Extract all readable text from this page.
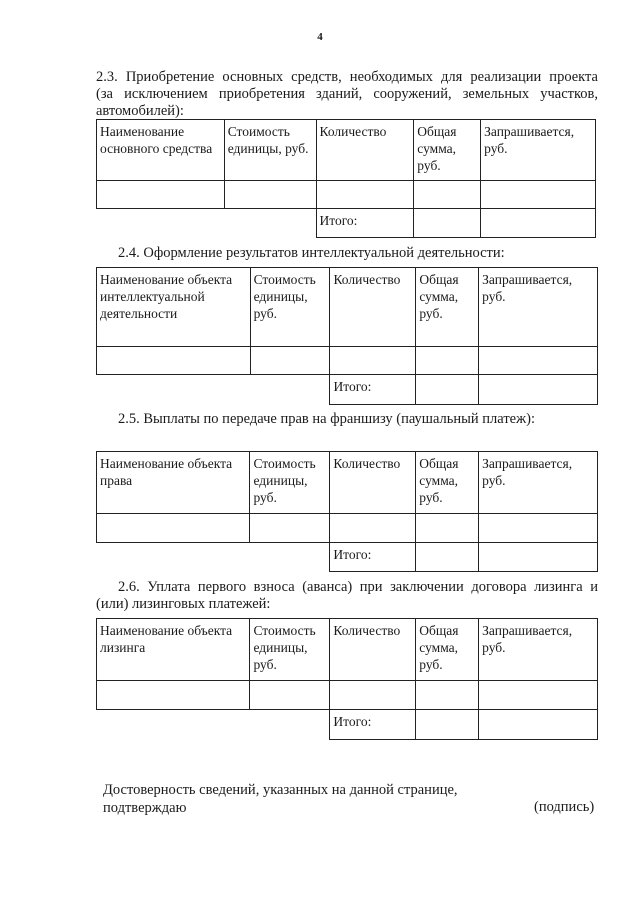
4
2.3. Приобретение основных средств, необходимых для реализации проекта
(за исключением приобретения зданий, сооружений, земельных участков,
автомобилей):
Наименование основного средства	Стоимость единицы, руб.	Количество	Общая сумма, руб.	Запрашивается, руб.

		Итого:		
2.4. Оформление результатов интеллектуальной деятельности:
Наименование объекта интеллектуальной деятельности	Стоимость единицы, руб.	Количество	Общая сумма, руб.	Запрашивается, руб.

		Итого:		
2.5. Выплаты по передаче прав на франшизу (паушальный платеж):
Наименование объекта права	Стоимость единицы, руб.	Количество	Общая сумма, руб.	Запрашивается, руб.

		Итого:		
2.6. Уплата первого взноса (аванса) при заключении договора лизинга и
(или) лизинговых платежей:
Наименование объекта лизинга	Стоимость единицы, руб.	Количество	Общая сумма, руб.	Запрашивается, руб.

		Итого:		
Достоверность сведений, указанных на данной странице,
подтверждаю	(подпись)
